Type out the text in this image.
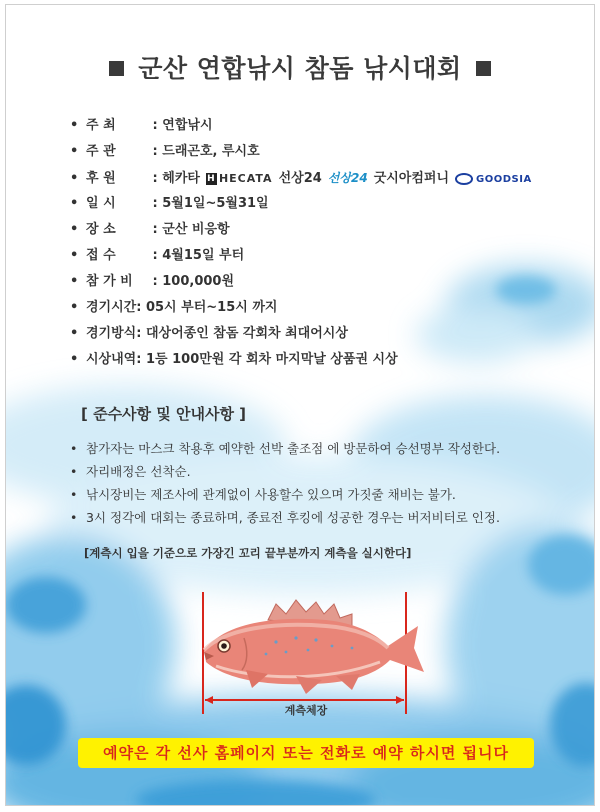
군산 연합낚시 참돔 낚시대회
• 주 최 : 연합낚시
• 주 관 : 드래곤호, 루시호
• 후 원 : 헤카타 H HECATA 선상24 선상24 굿시아컴퍼니	GOODSIA
• 일 시 : 5월1일~5월31일
• 장 소 : 군산 비응항
• 접 수 : 4월15일 부터
• 참 가 비 : 100,000원
• 경기시간: 05시 부터~15시 까지
• 경기방식: 대상어종인 참돔 각회차 최대어시상
• 시상내역: 1등 100만원 각 회차 마지막날 상품권 시상
[ 준수사항 및 안내사항 ]
• 참가자는 마스크 착용후 예약한 선박 출조점 에 방문하여 승선명부 작성한다.
• 자리배정은 선착순.
• 낚시장비는 제조사에 관계없이 사용할수 있으며 가짓줄 채비는 불가.
• 3시 정각에 대회는 종료하며, 종료전 후킹에 성공한 경우는 버저비터로 인정.
[계측시 입을 기준으로 가장긴 꼬리 끝부분까지 계측을 실시한다]
계측체장
예약은 각 선사 홈페이지 또는 전화로 예약 하시면 됩니다
